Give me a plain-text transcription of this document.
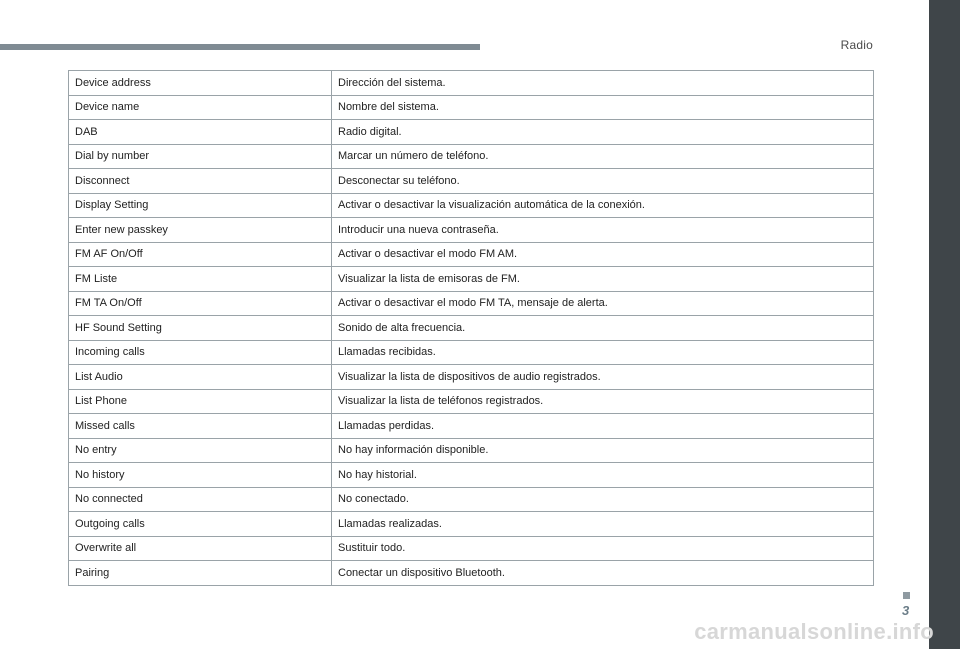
Radio
Device address	Dirección del sistema.
Device name	Nombre del sistema.
DAB	Radio digital.
Dial by number	Marcar un número de teléfono.
Disconnect	Desconectar su teléfono.
Display Setting	Activar o desactivar la visualización automática de la conexión.
Enter new passkey	Introducir una nueva contraseña.
FM AF On/Off	Activar o desactivar el modo FM AM.
FM Liste	Visualizar la lista de emisoras de FM.
FM TA On/Off	Activar o desactivar el modo FM TA, mensaje de alerta.
HF Sound Setting	Sonido de alta frecuencia.
Incoming calls	Llamadas recibidas.
List Audio	Visualizar la lista de dispositivos de audio registrados.
List Phone	Visualizar la lista de teléfonos registrados.
Missed calls	Llamadas perdidas.
No entry	No hay información disponible.
No history	No hay historial.
No connected	No conectado.
Outgoing calls	Llamadas realizadas.
Overwrite all	Sustituir todo.
Pairing	Conectar un dispositivo Bluetooth.
3
carmanualsonline.info
